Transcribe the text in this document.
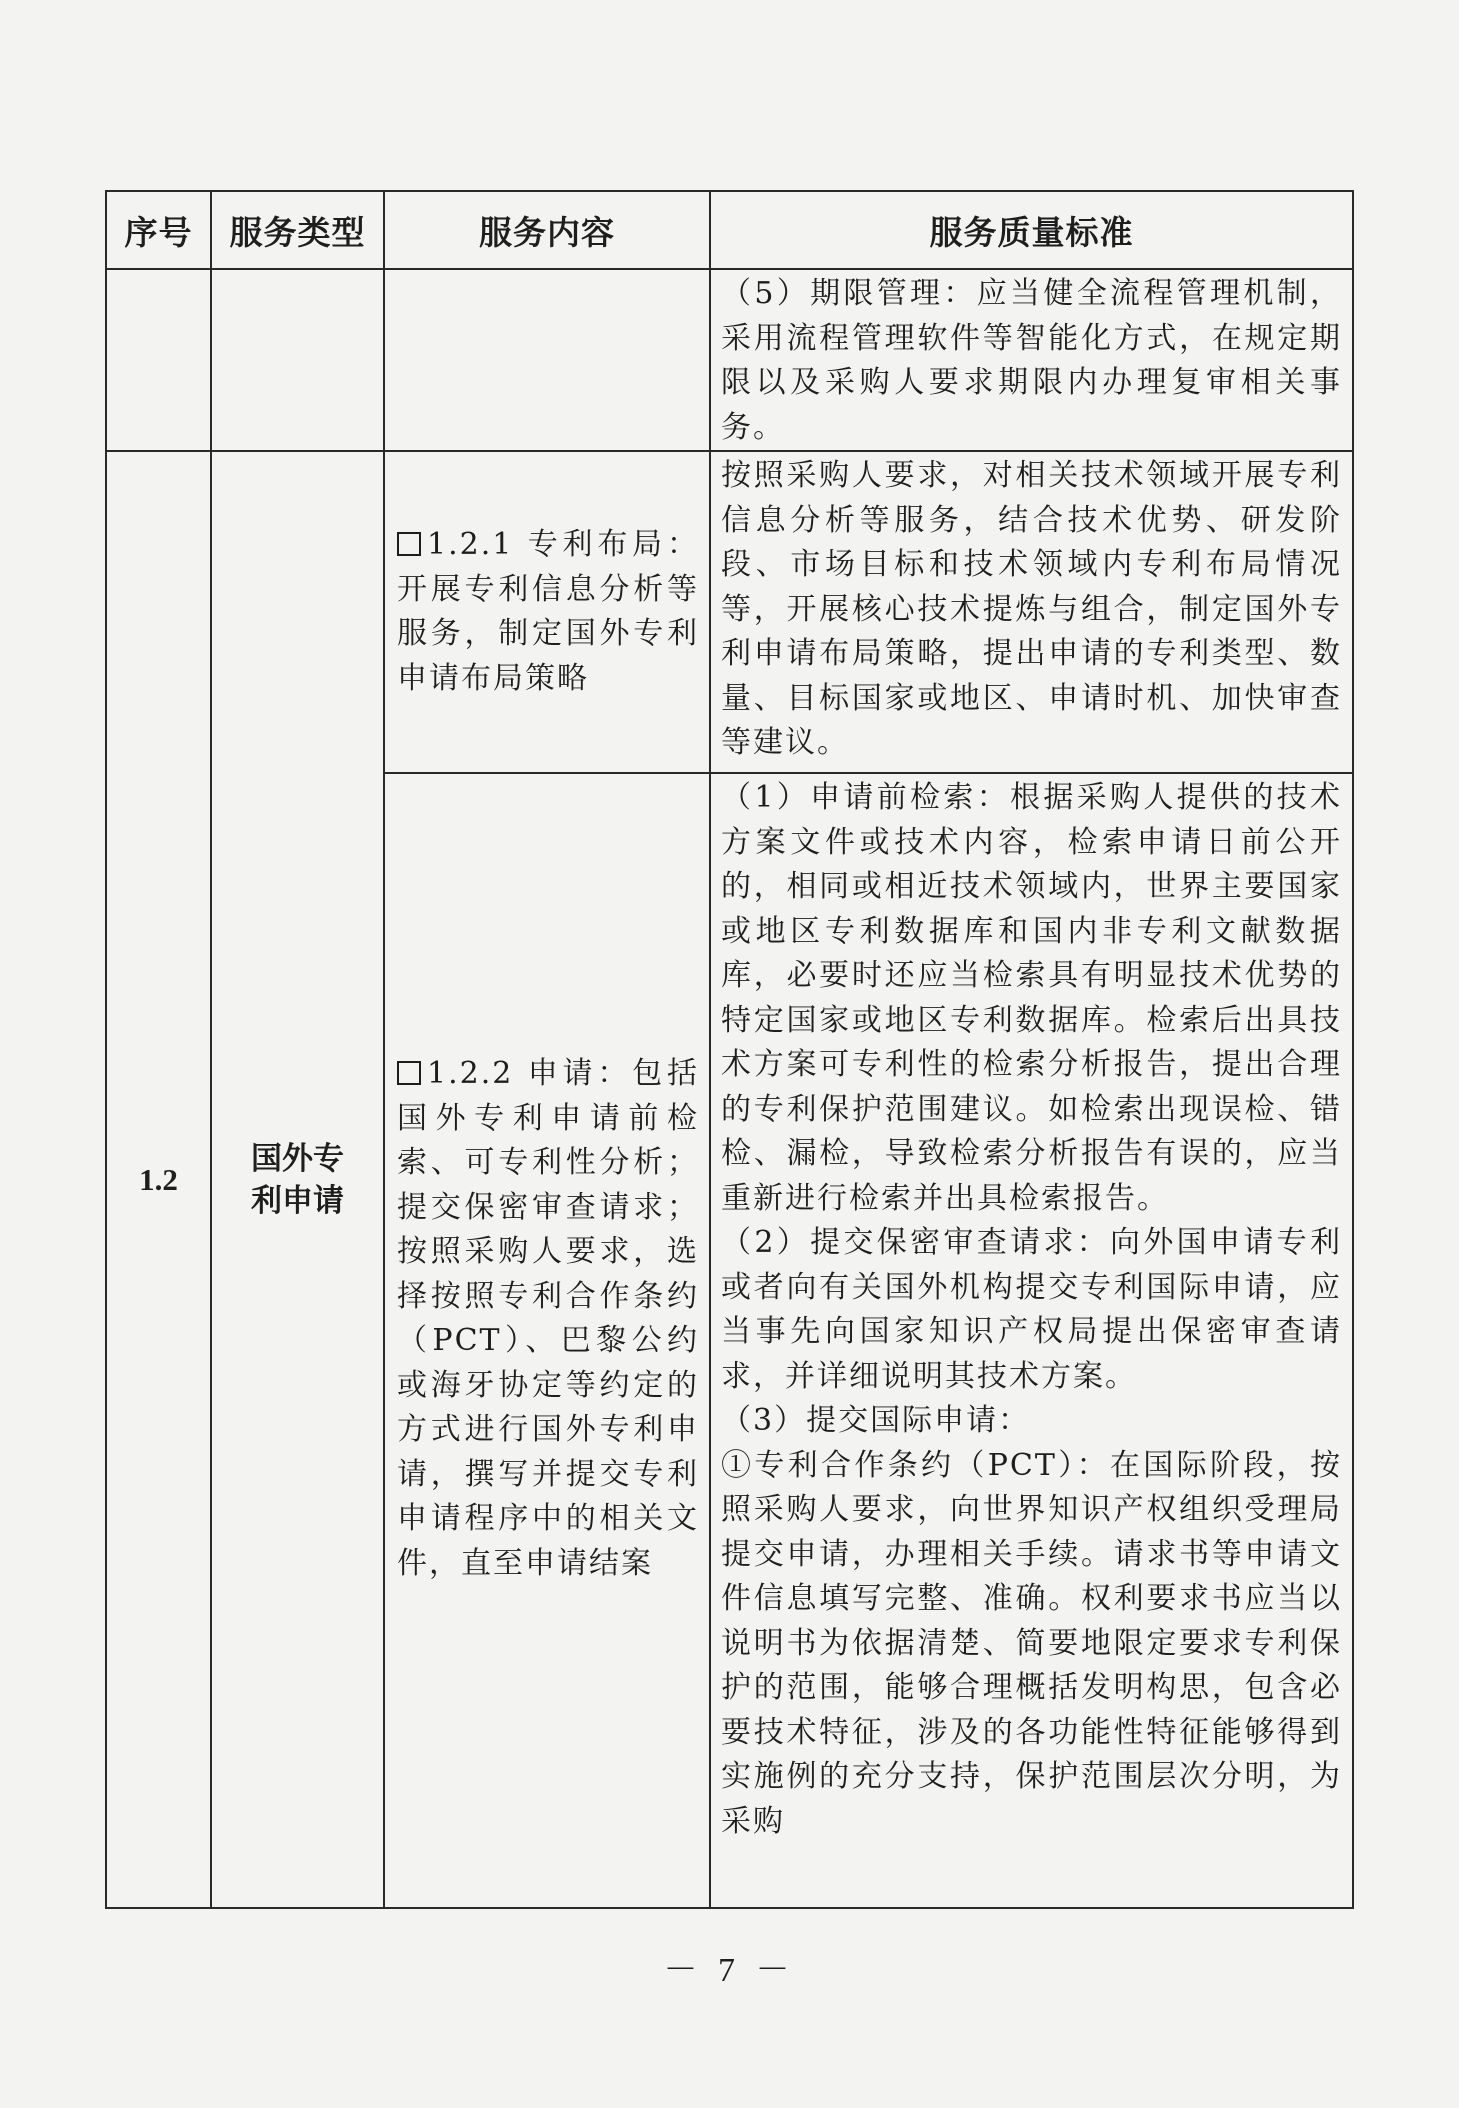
序号	服务类型	服务内容	服务质量标准

			（5）期限管理：应当健全流程管理机制，采用流程管理软件等智能化方式，在规定期限以及采购人要求期限内办理复审相关事务。

1.2	国外专利申请	1.2.1 专利布局：开展专利信息分析等服务，制定国外专利申请布局策略	按照采购人要求，对相关技术领域开展专利信息分析等服务，结合技术优势、研发阶段、市场目标和技术领域内专利布局情况等，开展核心技术提炼与组合，制定国外专利申请布局策略，提出申请的专利类型、数量、目标国家或地区、申请时机、加快审查等建议。

		1.2.2 申请：包括国外专利申请前检索、可专利性分析；提交保密审查请求；按照采购人要求，选择按照专利合作条约（PCT）、巴黎公约或海牙协定等约定的方式进行国外专利申请，撰写并提交专利申请程序中的相关文件，直至申请结案	（1）申请前检索：根据采购人提供的技术方案文件或技术内容，检索申请日前公开的，相同或相近技术领域内，世界主要国家或地区专利数据库和国内非专利文献数据库，必要时还应当检索具有明显技术优势的特定国家或地区专利数据库。检索后出具技术方案可专利性的检索分析报告，提出合理的专利保护范围建议。如检索出现误检、错检、漏检，导致检索分析报告有误的，应当重新进行检索并出具检索报告。
（2）提交保密审查请求：向外国申请专利或者向有关国外机构提交专利国际申请，应当事先向国家知识产权局提出保密审查请求，并详细说明其技术方案。
（3）提交国际申请：
①专利合作条约（PCT）：在国际阶段，按照采购人要求，向世界知识产权组织受理局提交申请，办理相关手续。请求书等申请文件信息填写完整、准确。权利要求书应当以说明书为依据清楚、简要地限定要求专利保护的范围，能够合理概括发明构思，包含必要技术特征，涉及的各功能性特征能够得到实施例的充分支持，保护范围层次分明，为采购
－ 7 －
